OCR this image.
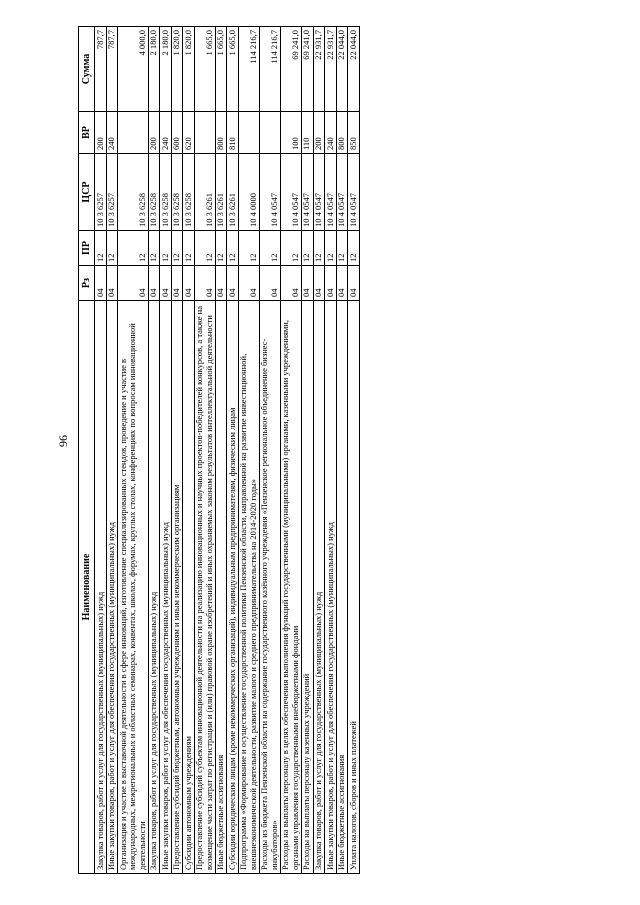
96
Наименование	Рз	ПР	ЦСР	ВР	Сумма
Закупка товаров, работ и услуг для государственных (муниципальных) нужд	04	12	10 3 6257	200	787,7
Иные закупки товаров, работ и услуг для обеспечения государственных (муниципальных) нужд	04	12	10 3 6257	240	787,7
Организация и участие в выставочной деятельности в сфере инноваций, изготовление специализированных стендов, проведение и участие в международных, межрегиональных и областных семинарах, конвентах, школах, форумах, круглых столах, конференциях по вопросам инновационной деятельности	04	12	10 3 6258		4 000,0
Закупка товаров, работ и услуг для государственных (муниципальных) нужд	04	12	10 3 6258	200	2 180,0
Иные закупки товаров, работ и услуг для обеспечения государственных (муниципальных) нужд	04	12	10 3 6258	240	2 180,0
Предоставление субсидий бюджетным, автономным учреждениям и иным некоммерческим организациям	04	12	10 3 6258	600	1 820,0
Субсидии автономным учреждениям	04	12	10 3 6258	620	1 820,0
Предоставление субсидий субъектам инновационной деятельности на реализацию инновационных и научных проектов-победителей конкурсов, а также на возмещение части затрат по регистрации и (или) правовой охране изобретений и иных охраняемых законом результатов интеллектуальной деятельности	04	12	10 3 6261		1 665,0
Иные бюджетные ассигнования	04	12	10 3 6261	800	1 665,0
Субсидии юридическим лицам (кроме некоммерческих организаций), индивидуальным предпринимателям, физическим лицам	04	12	10 3 6261	810	1 665,0
Подпрограмма «Формирование и осуществление государственной политики Пензенской области, направленной на развитие инвестиционной, внешнеэкономической деятельности, развитие малого и среднего предпринимательства на 2014-2020 годы»	04	12	10 4 0000		114 216,7
Расходы из бюджета Пензенской области на содержание государственного казённого учреждения «Пензенское региональное объединение бизнес-инкубаторов»	04	12	10 4 0547		114 216,7
Расходы на выплаты персоналу в целях обеспечения выполнения функций государственными (муниципальными) органами, казенными учреждениями, органами управления государственными внебюджетными фондами	04	12	10 4 0547	100	69 241,0
Расходы на выплаты персоналу казенных учреждений	04	12	10 4 0547	110	69 241,0
Закупка товаров, работ и услуг для государственных (муниципальных) нужд	04	12	10 4 0547	200	22 931,7
Иные закупки товаров, работ и услуг для обеспечения государственных (муниципальных) нужд	04	12	10 4 0547	240	22 931,7
Иные бюджетные ассигнования	04	12	10 4 0547	800	22 044,0
Уплата налогов, сборов и иных платежей	04	12	10 4 0547	850	22 044,0
